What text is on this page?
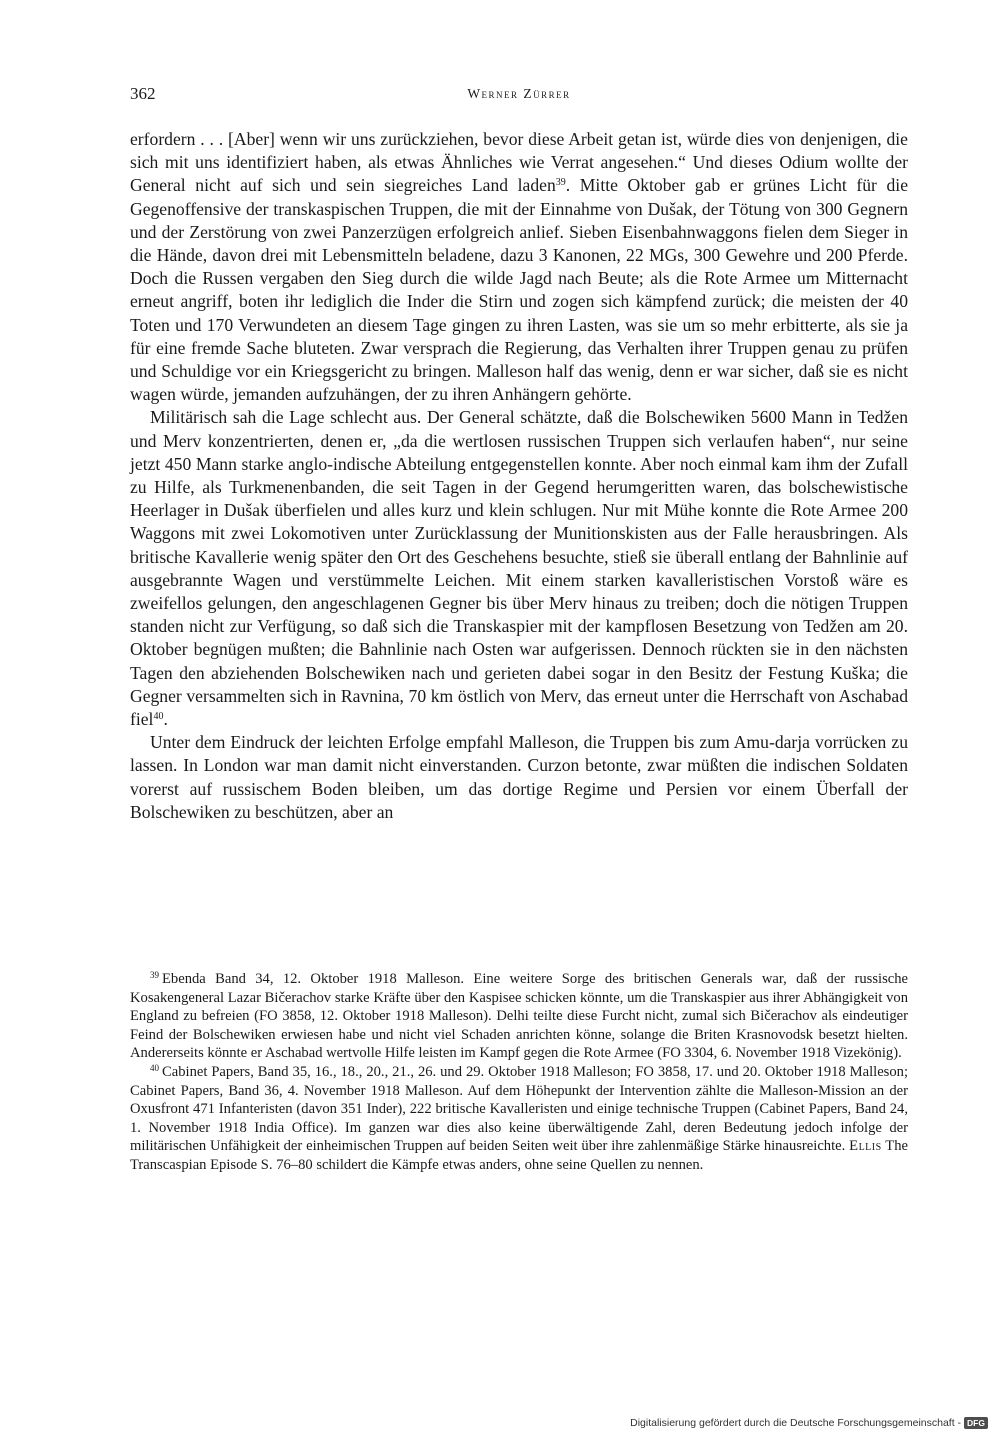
362	Werner Zürrer

erfordern . . . [Aber] wenn wir uns zurückziehen, bevor diese Arbeit getan ist, würde dies von denjenigen, die sich mit uns identifiziert haben, als etwas Ähnliches wie Verrat angesehen.“ Und dieses Odium wollte der General nicht auf sich und sein siegreiches Land laden$^{39}$. Mitte Oktober gab er grünes Licht für die Gegenoffensive der transkaspischen Truppen, die mit der Einnahme von Dušak, der Tötung von 300 Gegnern und der Zerstörung von zwei Panzerzügen erfolgreich anlief. Sieben Eisenbahnwaggons fielen dem Sieger in die Hände, davon drei mit Lebensmitteln beladene, dazu 3 Kanonen, 22 MGs, 300 Gewehre und 200 Pferde. Doch die Russen vergaben den Sieg durch die wilde Jagd nach Beute; als die Rote Armee um Mitternacht erneut angriff, boten ihr lediglich die Inder die Stirn und zogen sich kämpfend zurück; die meisten der 40 Toten und 170 Verwundeten an diesem Tage gingen zu ihren Lasten, was sie um so mehr erbitterte, als sie ja für eine fremde Sache bluteten. Zwar versprach die Regierung, das Verhalten ihrer Truppen genau zu prüfen und Schuldige vor ein Kriegsgericht zu bringen. Malleson half das wenig, denn er war sicher, daß sie es nicht wagen würde, jemanden aufzuhängen, der zu ihren Anhängern gehörte.

Militärisch sah die Lage schlecht aus. Der General schätzte, daß die Bolschewiken 5600 Mann in Tedžen und Merv konzentrierten, denen er, „da die wertlosen russischen Truppen sich verlaufen haben“, nur seine jetzt 450 Mann starke anglo-indische Abteilung entgegenstellen konnte. Aber noch einmal kam ihm der Zufall zu Hilfe, als Turkmenenbanden, die seit Tagen in der Gegend herumgeritten waren, das bolschewistische Heerlager in Dušak überfielen und alles kurz und klein schlugen. Nur mit Mühe konnte die Rote Armee 200 Waggons mit zwei Lokomotiven unter Zurücklassung der Munitionskisten aus der Falle herausbringen. Als britische Kavallerie wenig später den Ort des Geschehens besuchte, stieß sie überall entlang der Bahnlinie auf ausgebrannte Wagen und verstümmelte Leichen. Mit einem starken kavalleristischen Vorstoß wäre es zweifellos gelungen, den angeschlagenen Gegner bis über Merv hinaus zu treiben; doch die nötigen Truppen standen nicht zur Verfügung, so daß sich die Transkaspier mit der kampflosen Besetzung von Tedžen am 20. Oktober begnügen mußten; die Bahnlinie nach Osten war aufgerissen. Dennoch rückten sie in den nächsten Tagen den abziehenden Bolschewiken nach und gerieten dabei sogar in den Besitz der Festung Kuška; die Gegner versammelten sich in Ravnina, 70 km östlich von Merv, das erneut unter die Herrschaft von Aschabad fiel$^{40}$.

Unter dem Eindruck der leichten Erfolge empfahl Malleson, die Truppen bis zum Amu-darja vorrücken zu lassen. In London war man damit nicht einverstanden. Curzon betonte, zwar müßten die indischen Soldaten vorerst auf russischem Boden bleiben, um das dortige Regime und Persien vor einem Überfall der Bolschewiken zu beschützen, aber an

$^{39}$ Ebenda Band 34, 12. Oktober 1918 Malleson. Eine weitere Sorge des britischen Generals war, daß der russische Kosakengeneral Lazar Bičerachov starke Kräfte über den Kaspisee schicken könnte, um die Transkaspier aus ihrer Abhängigkeit von England zu befreien (FO 3858, 12. Oktober 1918 Malleson). Delhi teilte diese Furcht nicht, zumal sich Bičerachov als eindeutiger Feind der Bolschewiken erwiesen habe und nicht viel Schaden anrichten könne, solange die Briten Krasnovodsk besetzt hielten. Andererseits könnte er Aschabad wertvolle Hilfe leisten im Kampf gegen die Rote Armee (FO 3304, 6. November 1918 Vizekönig).

$^{40}$ Cabinet Papers, Band 35, 16., 18., 20., 21., 26. und 29. Oktober 1918 Malleson; FO 3858, 17. und 20. Oktober 1918 Malleson; Cabinet Papers, Band 36, 4. November 1918 Malleson. Auf dem Höhepunkt der Intervention zählte die Malleson-Mission an der Oxusfront 471 Infanteristen (davon 351 Inder), 222 britische Kavalleristen und einige technische Truppen (Cabinet Papers, Band 24, 1. November 1918 India Office). Im ganzen war dies also keine überwältigende Zahl, deren Bedeutung jedoch infolge der militärischen Unfähigkeit der einheimischen Truppen auf beiden Seiten weit über ihre zahlenmäßige Stärke hinausreichte. Ellis The Transcaspian Episode S. 76–80 schildert die Kämpfe etwas anders, ohne seine Quellen zu nennen.

Digitalisierung gefördert durch die Deutsche Forschungsgemeinschaft - DFG
